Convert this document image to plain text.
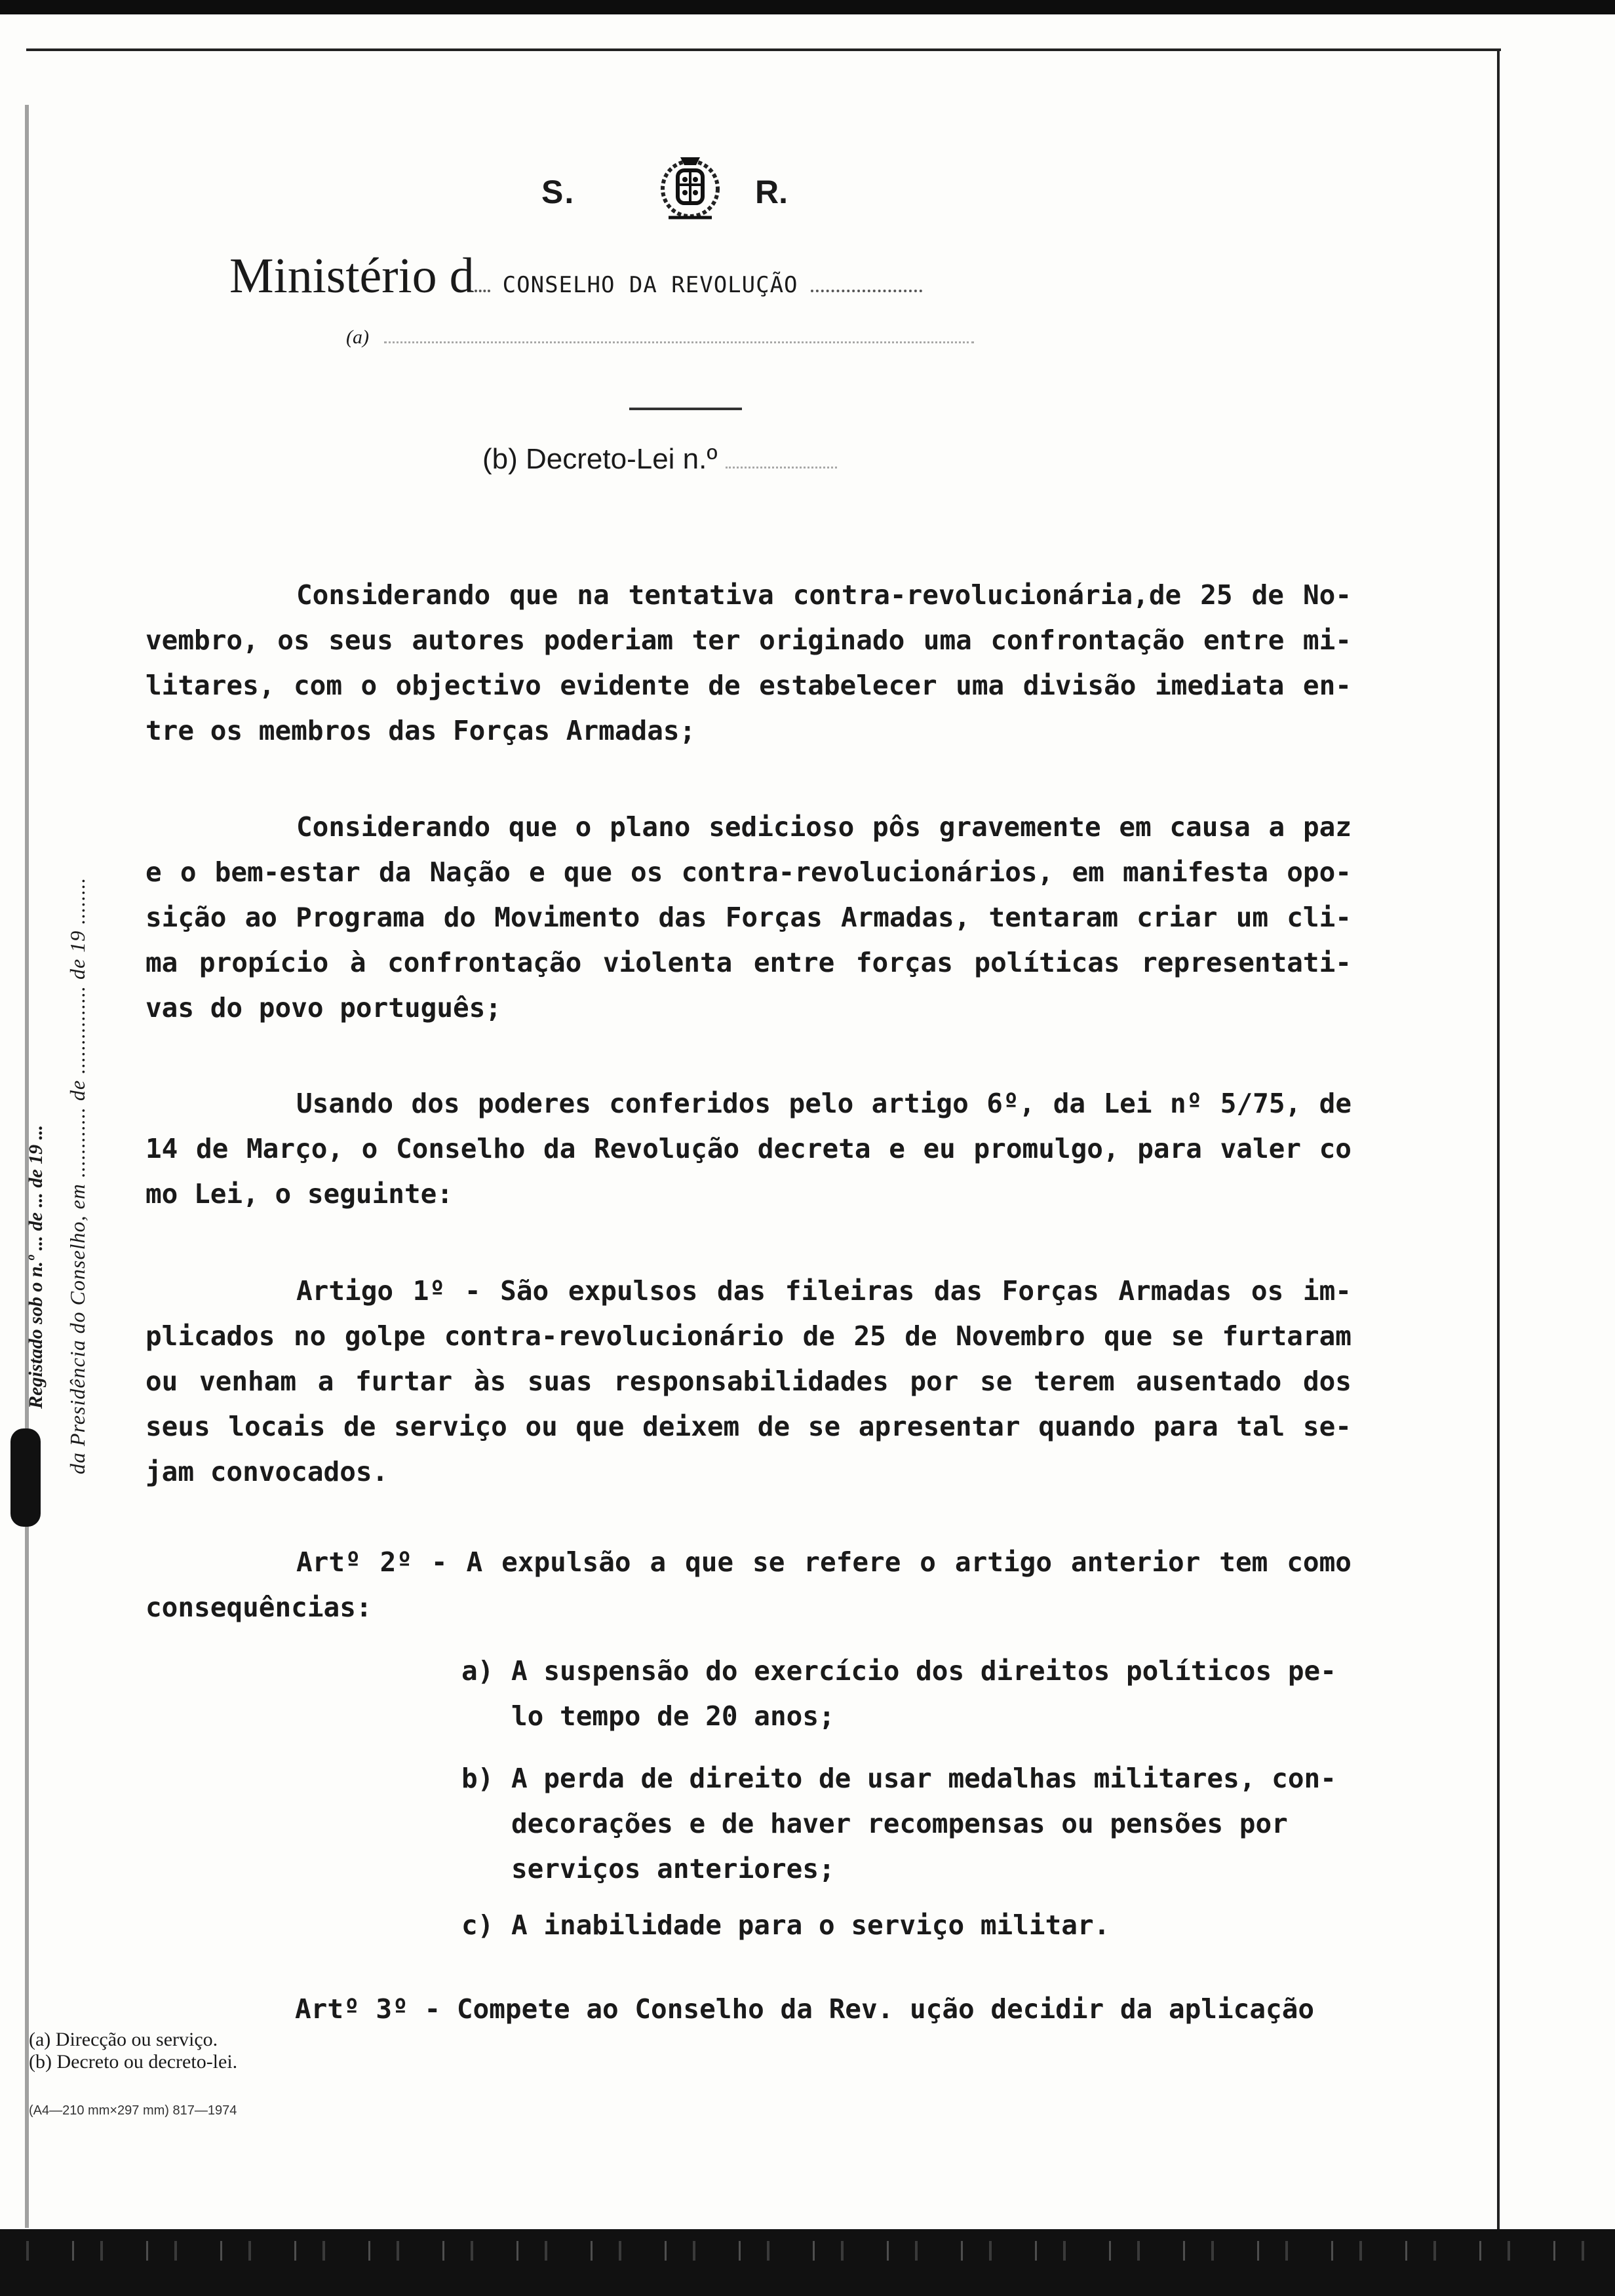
S.	R.
Ministério d CONSELHO DA REVOLUÇÃO
(a)
(b) Decreto-Lei n.º
Considerando que na tentativa contra-revolucionária,de 25 de No-
vembro, os seus autores poderiam ter originado uma confrontação entre mi-
litares, com o objectivo evidente de estabelecer uma divisão imediata en-
tre os membros das Forças Armadas;
Considerando que o plano sedicioso pôs gravemente em causa a paz
e o bem-estar da Nação e que os contra-revolucionários, em manifesta opo-
sição ao Programa do Movimento das Forças Armadas, tentaram criar um cli-
ma propício à confrontação violenta entre forças políticas representati-
vas do povo português;
Usando dos poderes conferidos pelo artigo 6º, da Lei nº 5/75, de
14 de Março, o Conselho da Revolução decreta e eu promulgo, para valer co
mo Lei, o seguinte:
Artigo 1º - São expulsos das fileiras das Forças Armadas os im-
plicados no golpe contra-revolucionário de 25 de Novembro que se furtaram
ou venham a furtar às suas responsabilidades por se terem ausentado dos
seus locais de serviço ou que deixem de se apresentar quando para tal se-
jam convocados.
Artº 2º - A expulsão a que se refere o artigo anterior tem como
consequências:
a) A suspensão do exercício dos direitos políticos pe-
lo tempo de 20 anos;
b) A perda de direito de usar medalhas militares, con-
decorações e de haver recompensas ou pensões por
serviços anteriores;
c) A inabilidade para o serviço militar.
Artº 3º - Compete ao Conselho da Rev. ução decidir da aplicação
da Presidência do Conselho, em ............ de ............... de 19 ........
Registado sob o n.º ... de ... de 19 ...
(a) Direcção ou serviço.
(b) Decreto ou decreto-lei.
(A4—210 mm×297 mm) 817—1974
